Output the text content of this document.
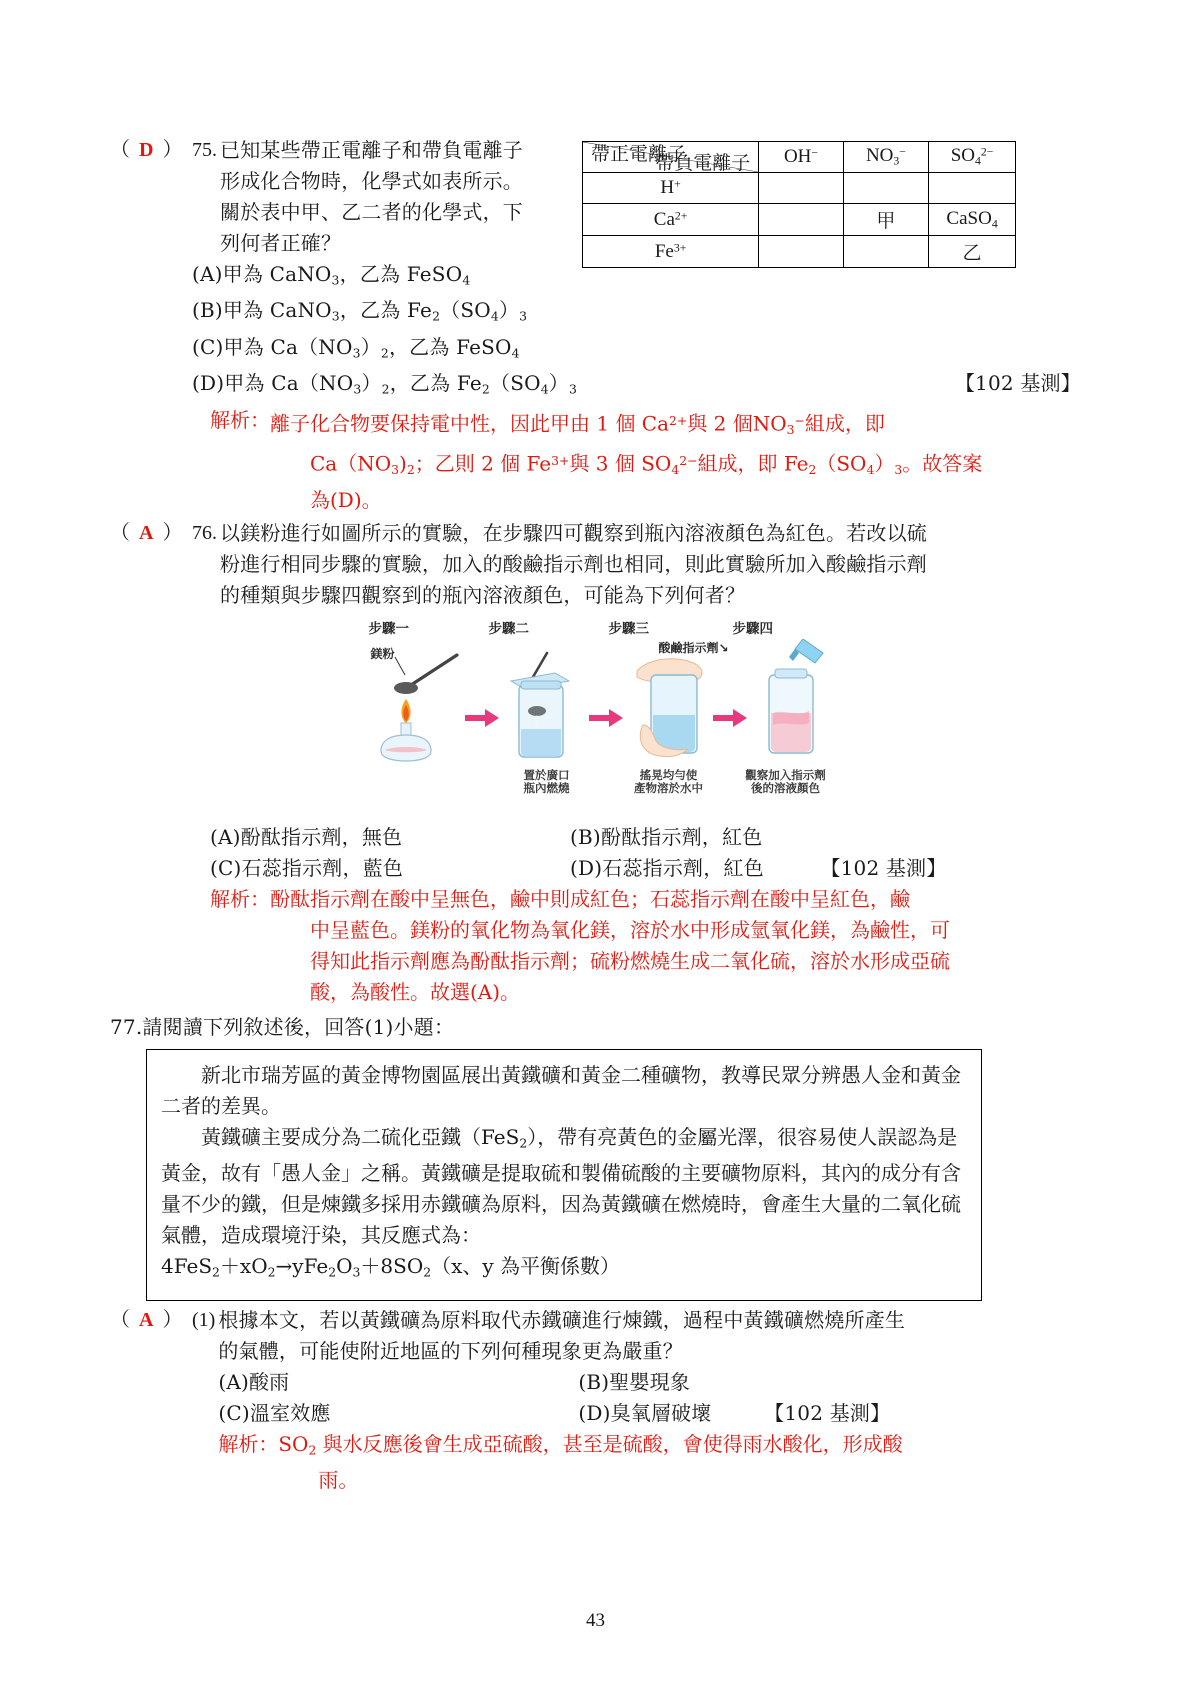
（ D ） 75. 已知某些帶正電離子和帶負電離子
形成化合物時，化學式如表所示。
關於表中甲、乙二者的化學式，下
列何者正確？
帶負電離子
帶正電離子	OH−	$NO_3^-$	$SO_4^{2-}$
H+			
$Ca^{2+}$		甲	CaSO$_4$
$Fe^{3+}$			乙
(A)甲為 CaNO$_3$，乙為 FeSO$_4$
(B)甲為 CaNO$_3$，乙為 $Fe_2(SO_4)_3$
(C)甲為 $Ca(NO_3)_2$，乙為 FeSO$_4$
(D)甲為 $Ca(NO_3)_2$，乙為 $Fe_2(SO_4)_3$	【102 基測】
解析： 離子化合物要保持電中性，因此甲由 1 個 $Ca^{2+}$與 2 個$NO_3^-$組成，即
$Ca(NO_3)_2$；乙則 2 個 $Fe^{3+}$與 3 個 $SO_4^{2-}$組成，即 $Fe_2(SO_4)_3$。故答案
為(D)。
（ A ） 76. 以鎂粉進行如圖所示的實驗，在步驟四可觀察到瓶內溶液顏色為紅色。若改以硫
粉進行相同步驟的實驗，加入的酸鹼指示劑也相同，則此實驗所加入酸鹼指示劑
的種類與步驟四觀察到的瓶內溶液顏色，可能為下列何者？
步驟一	步驟二	步驟三	步驟四
鎂粉	酸鹼指示劑↘
置於廣口
瓶內燃燒
搖晃均勻使
產物溶於水中
觀察加入指示劑
後的溶液顏色
(A)酚酞指示劑，無色	(B)酚酞指示劑，紅色
(C)石蕊指示劑，藍色	(D)石蕊指示劑，紅色	【102 基測】
解析： 酚酞指示劑在酸中呈無色，鹼中則成紅色；石蕊指示劑在酸中呈紅色，鹼
中呈藍色。鎂粉的氧化物為氧化鎂，溶於水中形成氫氧化鎂，為鹼性，可
得知此指示劑應為酚酞指示劑；硫粉燃燒生成二氧化硫，溶於水形成亞硫
酸，為酸性。故選(A)。
77.請閱讀下列敘述後，回答(1)小題：

新北市瑞芳區的黃金博物園區展出黃鐵礦和黃金二種礦物，教導民眾分辨愚人金和黃金二者的差異。

黃鐵礦主要成分為二硫化亞鐵（FeS$_2$），帶有亮黃色的金屬光澤，很容易使人誤認為是黃金，故有「愚人金」之稱。黃鐵礦是提取硫和製備硫酸的主要礦物原料，其內的成分有含量不少的鐵，但是煉鐵多採用赤鐵礦為原料，因為黃鐵礦在燃燒時，會產生大量的二氧化硫氣體，造成環境汙染，其反應式為：

$4FeS_2+xO_2\to yFe_2O_3+8SO_2(x$、y 為平衡係數）

（ A ） (1) 根據本文，若以黃鐵礦為原料取代赤鐵礦進行煉鐵，過程中黃鐵礦燃燒所產生
的氣體，可能使附近地區的下列何種現象更為嚴重？
(A)酸雨	(B)聖嬰現象
(C)溫室效應	(D)臭氧層破壞	【102 基測】
解析： $SO_2$ 與水反應後會生成亞硫酸，甚至是硫酸，會使得雨水酸化，形成酸
雨。
43
